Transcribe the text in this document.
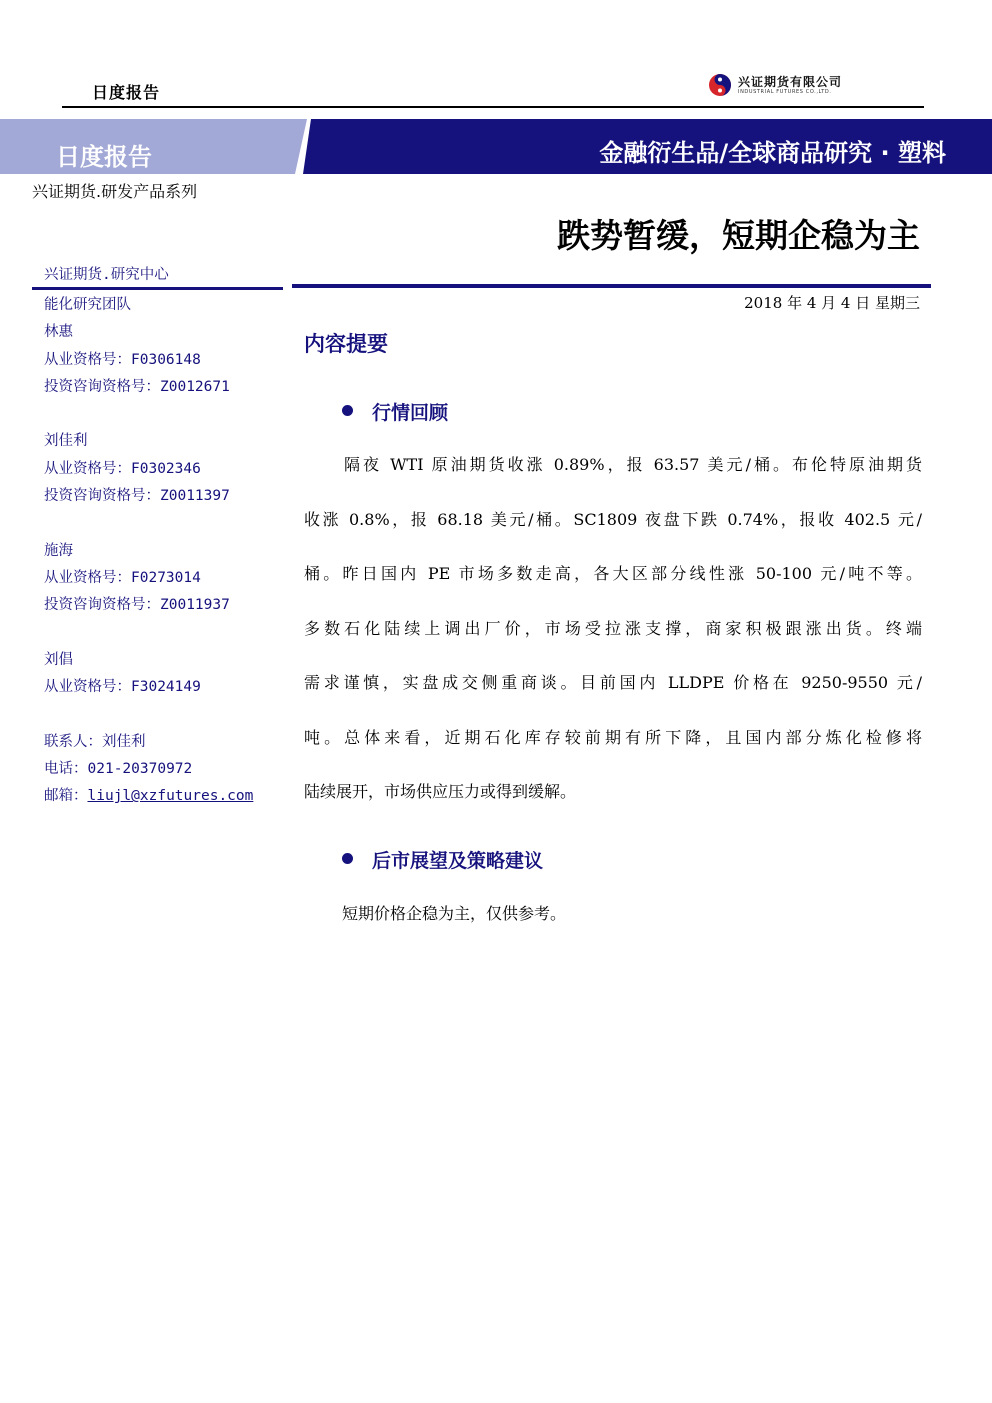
日度报告
兴证期货有限公司
INDUSTRIAL FUTURES CO.,LTD.
日度报告	金融衍生品/全球商品研究 · 塑料
兴证期货.研发产品系列
跌势暂缓，短期企稳为主
兴证期货.研究中心
能化研究团队
林惠
从业资格号：F0306148
投资咨询资格号：Z0012671
刘佳利
从业资格号：F0302346
投资咨询资格号：Z0011397
施海
从业资格号：F0273014
投资咨询资格号：Z0011937
刘倡
从业资格号：F3024149
联系人：刘佳利
电话：021-20370972
邮箱：liujl@xzfutures.com
2018 年 4 月 4 日 星期三
内容提要
行情回顾
隔夜 WTI 原油期货收涨 0.89%，报 63.57 美元/桶。布伦特原油期货
收涨 0.8%，报 68.18 美元/桶。SC1809 夜盘下跌 0.74%，报收 402.5 元/
桶。昨日国内 PE 市场多数走高，各大区部分线性涨 50-100 元/吨不等。
多数石化陆续上调出厂价，市场受拉涨支撑，商家积极跟涨出货。终端
需求谨慎，实盘成交侧重商谈。目前国内 LLDPE 价格在 9250-9550 元/
吨。总体来看，近期石化库存较前期有所下降，且国内部分炼化检修将
陆续展开，市场供应压力或得到缓解。
后市展望及策略建议
短期价格企稳为主，仅供参考。
